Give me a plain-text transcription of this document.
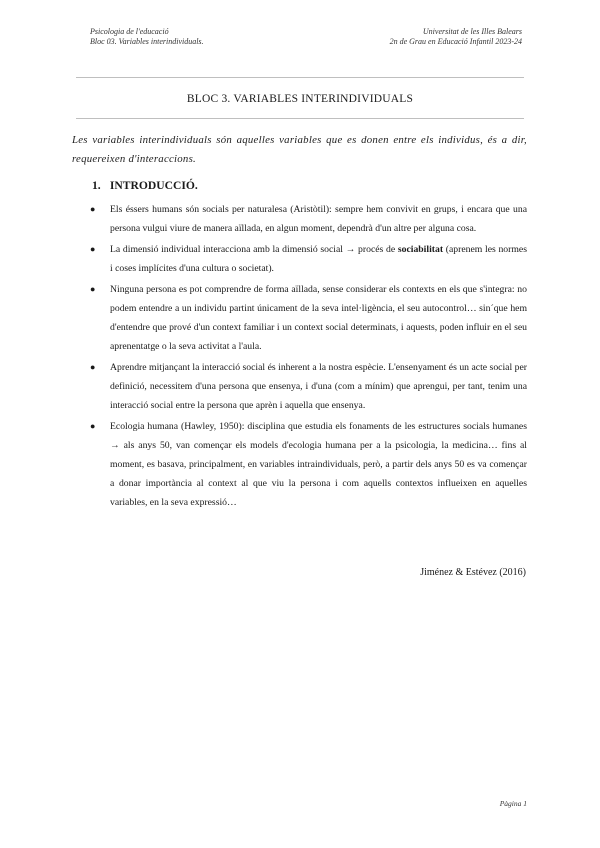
Psicologia de l'educació
Bloc 03. Variables interindividuals.
Universitat de les Illes Balears
2n de Grau en Educació Infantil 2023-24
BLOC 3. VARIABLES INTERINDIVIDUALS

Les variables interindividuals són aquelles variables que es donen entre els individus, és a dir, requereixen d'interaccions.

1. INTRODUCCIÓ.
● Els éssers humans són socials per naturalesa (Aristòtil): sempre hem convivit en grups, i encara que una persona vulgui viure de manera aïllada, en algun moment, dependrà d'un altre per alguna cosa.
● La dimensió individual interacciona amb la dimensió social → procés de sociabilitat (aprenem les normes i coses implícites d'una cultura o societat).
● Ninguna persona es pot comprendre de forma aïllada, sense considerar els contexts en els que s'integra: no podem entendre a un individu partint únicament de la seva intel·ligència, el seu autocontrol… sin´que hem d'entendre que prové d'un context familiar i un context social determinats, i aquests, poden influir en el seu aprenentatge o la seva activitat a l'aula.
● Aprendre mitjançant la interacció social és inherent a la nostra espècie. L'ensenyament és un acte social per definició, necessitem d'una persona que ensenya, i d'una (com a mínim) que aprengui, per tant, tenim una interacció social entre la persona que aprèn i aquella que ensenya.
● Ecologia humana (Hawley, 1950): disciplina que estudia els fonaments de les estructures socials humanes → als anys 50, van començar els models d'ecologia humana per a la psicologia, la medicina… fins al moment, es basava, principalment, en variables intraindividuals, però, a partir dels anys 50 es va començar a donar importància al context al que viu la persona i com aquells contextos influeixen en aquelles variables, en la seva expressió…

Jiménez & Estévez (2016)

Pàgina 1
